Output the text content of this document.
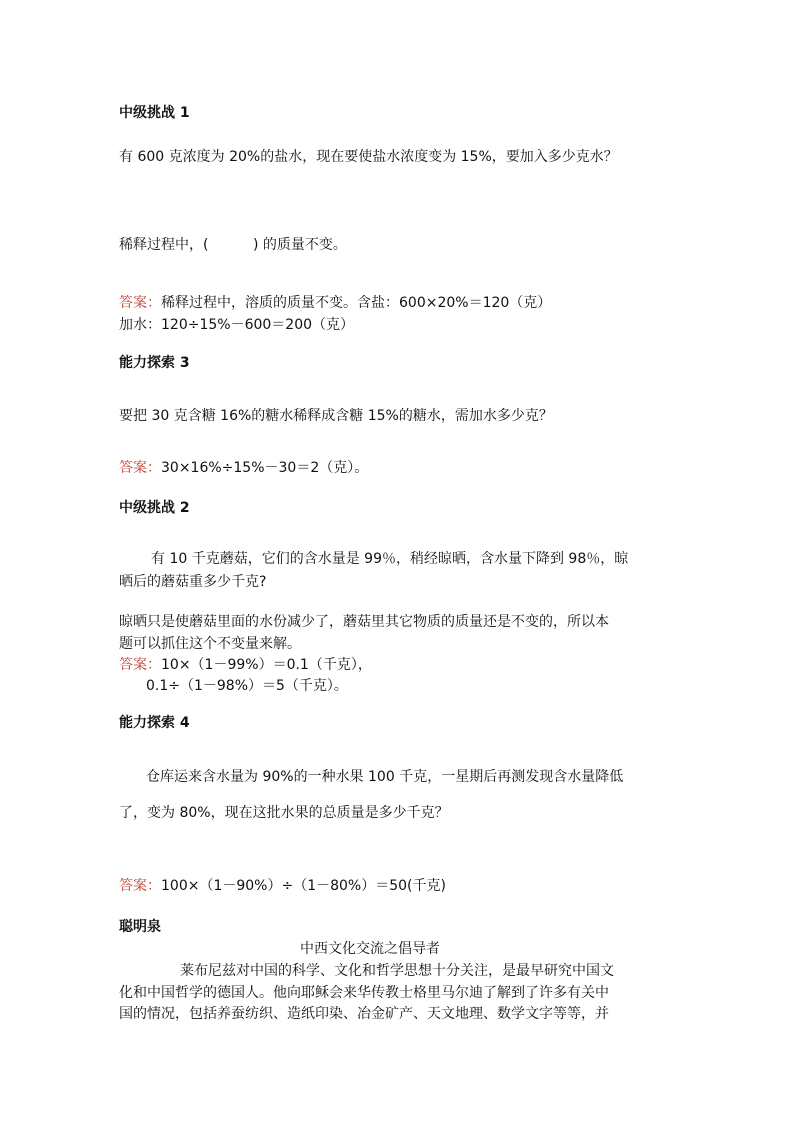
中级挑战 1
有 600 克浓度为 20%的盐水，现在要使盐水浓度变为 15%，要加入多少克水？
稀释过程中，(          ) 的质量不变。
答案：稀释过程中，溶质的质量不变。含盐：600×20%＝120（克）
加水：120÷15%－600＝200（克）
能力探索 3
要把 30 克含糖 16%的糖水稀释成含糖 15%的糖水，需加水多少克？
答案：30×16%÷15%－30＝2（克）。
中级挑战 2
有 10 千克蘑菇，它们的含水量是 99％，稍经晾晒，含水量下降到 98％，晾
晒后的蘑菇重多少千克?
晾晒只是使蘑菇里面的水份减少了，蘑菇里其它物质的质量还是不变的，所以本
题可以抓住这个不变量来解。
答案：10×（1－99%）＝0.1（千克），
0.1÷（1－98%）＝5（千克）。
能力探索 4
仓库运来含水量为 90%的一种水果 100 千克，一星期后再测发现含水量降低
了，变为 80%，现在这批水果的总质量是多少千克？
答案：100×（1－90%）÷（1－80%）＝50(千克)
聪明泉
中西文化交流之倡导者
莱布尼兹对中国的科学、文化和哲学思想十分关注，是最早研究中国文
化和中国哲学的德国人。他向耶稣会来华传教士格里马尔迪了解到了许多有关中
国的情况，包括养蚕纺织、造纸印染、冶金矿产、天文地理、数学文字等等，并
